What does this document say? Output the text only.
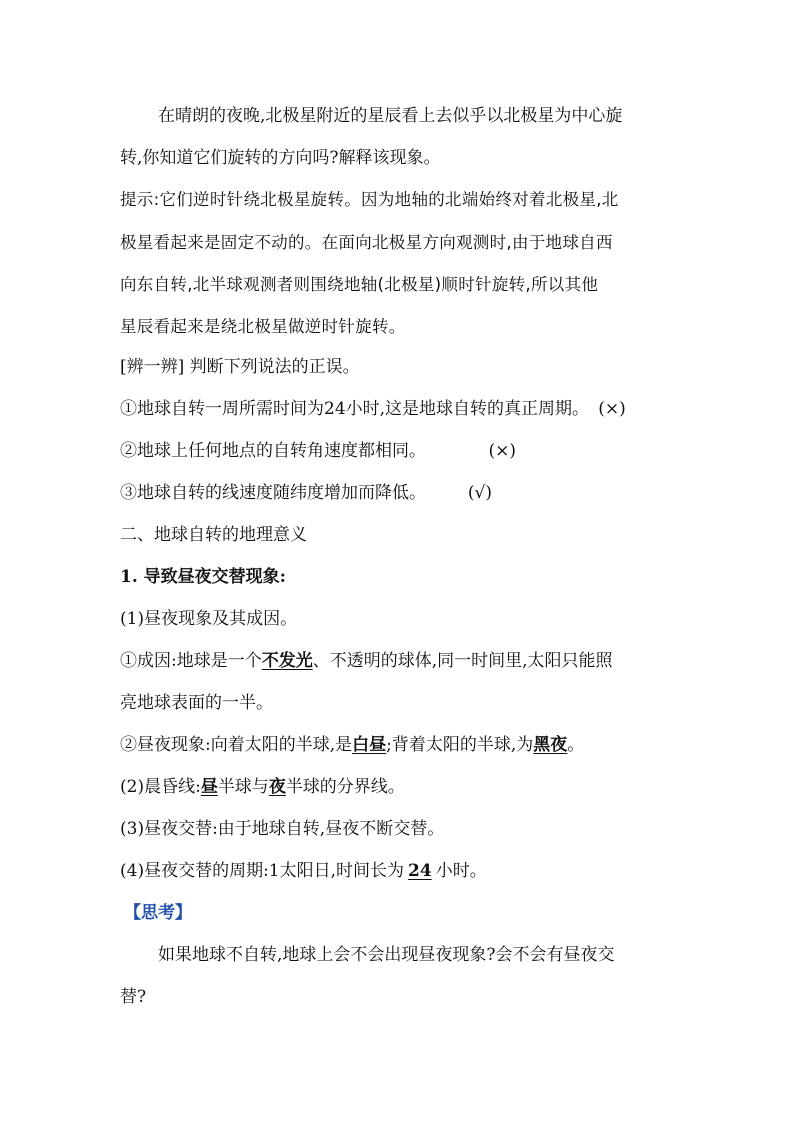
在晴朗的夜晚,北极星附近的星辰看上去似乎以北极星为中心旋
转,你知道它们旋转的方向吗?解释该现象。
提示:它们逆时针绕北极星旋转。因为地轴的北端始终对着北极星,北
极星看起来是固定不动的。在面向北极星方向观测时,由于地球自西
向东自转,北半球观测者则围绕地轴(北极星)顺时针旋转,所以其他
星辰看起来是绕北极星做逆时针旋转。
[辨一辨] 判断下列说法的正误。
①地球自转一周所需时间为24小时,这是地球自转的真正周期。 (×)
②地球上任何地点的自转角速度都相同。	(×)
③地球自转的线速度随纬度增加而降低。 (√)
二、地球自转的地理意义
1. 导致昼夜交替现象:
(1)昼夜现象及其成因。
①成因:地球是一个不发光、不透明的球体,同一时间里,太阳只能照
亮地球表面的一半。
②昼夜现象:向着太阳的半球,是白昼;背着太阳的半球,为黑夜。
(2)晨昏线:昼半球与夜半球的分界线。
(3)昼夜交替:由于地球自转,昼夜不断交替。
(4)昼夜交替的周期:1太阳日,时间长为 24 小时。
【思考】
如果地球不自转,地球上会不会出现昼夜现象?会不会有昼夜交
替?
